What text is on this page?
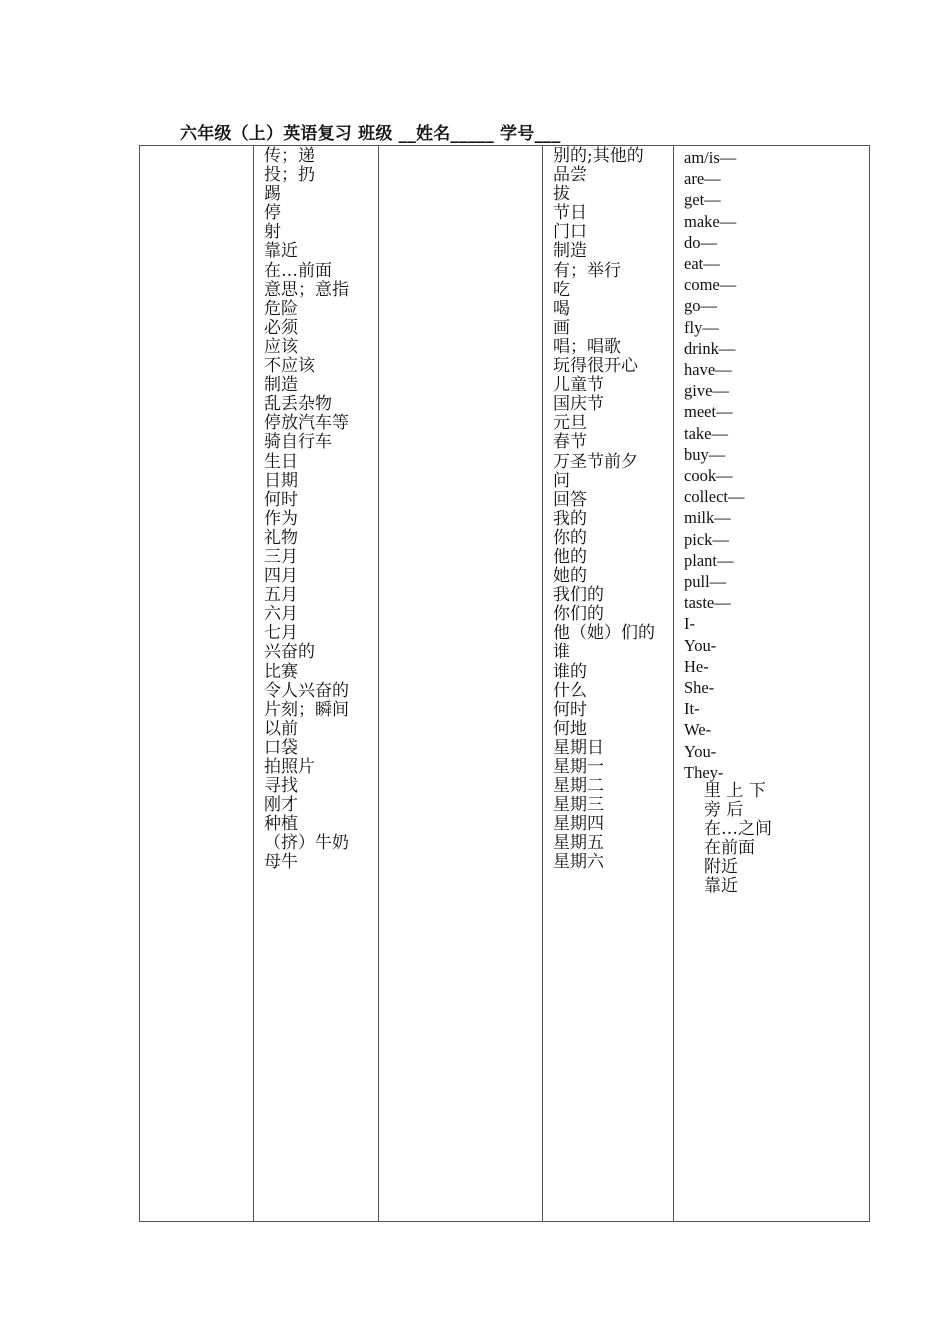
六年级（上）英语复习 班级 __姓名_____ 学号___
传；递
投；扔
踢
停
射
靠近
在…前面
意思；意指
危险
必须
应该
不应该
制造
乱丢杂物
停放汽车等
骑自行车
生日
日期
何时
作为
礼物
三月
四月
五月
六月
七月
兴奋的
比赛
令人兴奋的
片刻；瞬间
以前
口袋
拍照片
寻找
刚才
种植
（挤）牛奶
母牛
别的;其他的
品尝
拔
节日
门口
制造
有；举行
吃
喝
画
唱；唱歌
玩得很开心
儿童节
国庆节
元旦
春节
万圣节前夕
问
回答
我的
你的
他的
她的
我们的
你们的
他（她）们的
谁
谁的
什么
何时
何地
星期日
星期一
星期二
星期三
星期四
星期五
星期六
am/is—
are—
get—
make—
do—
eat—
come—
go—
fly—
drink—
have—
give—
meet—
take—
buy—
cook—
collect—
milk—
pick—
plant—
pull—
taste—
I-
You-
He-
She-
It-
We-
You-
They-
里 上 下
旁 后
在…之间
在前面
附近
靠近
